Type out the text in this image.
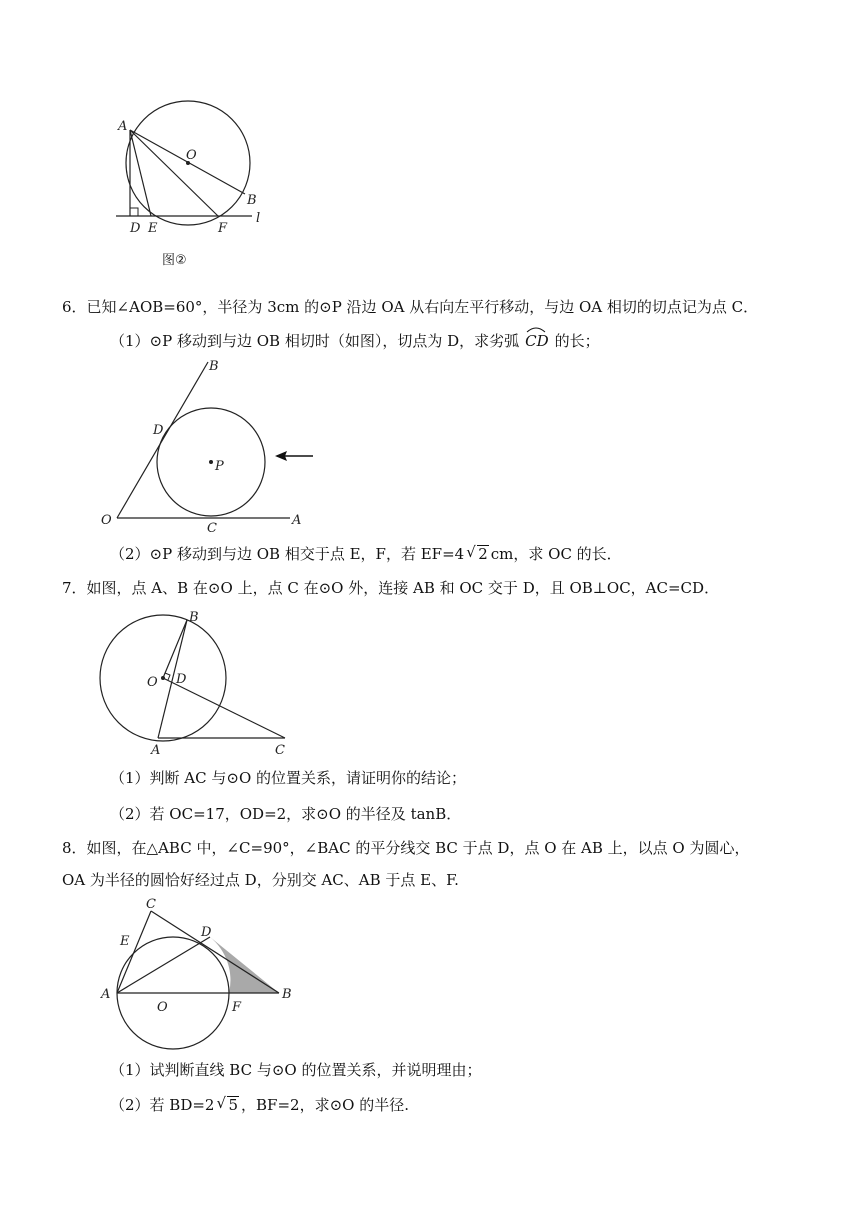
A
O
B
D E	F
l
图②
6．已知∠AOB=60°，半径为 3cm 的⊙P 沿边 OA 从右向左平行移动，与边 OA 相切的切点记为点 C．
（1）⊙P 移动到与边 OB 相切时（如图），切点为 D，求劣弧 CD 的长；
B
D
P
O
C
A
（2）⊙P 移动到与边 OB 相交于点 E，F，若 EF=4 √ 2 cm，求 OC 的长．
7．如图，点 A、B 在⊙O 上，点 C 在⊙O 外，连接 AB 和 OC 交于 D，且 OB⊥OC，AC=CD．
B
O D
A	C
（1）判断 AC 与⊙O 的位置关系，请证明你的结论；
（2）若 OC=17，OD=2，求⊙O 的半径及 tanB．
8．如图，在△ABC 中，∠C=90°，∠BAC 的平分线交 BC 于点 D，点 O 在 AB 上，以点 O 为圆心，
OA 为半径的圆恰好经过点 D，分别交 AC、AB 于点 E、F.
C
E
D
A
O	F
B
（1）试判断直线 BC 与⊙O 的位置关系，并说明理由；
（2）若 BD=2 √ 5 ，BF=2，求⊙O 的半径.
